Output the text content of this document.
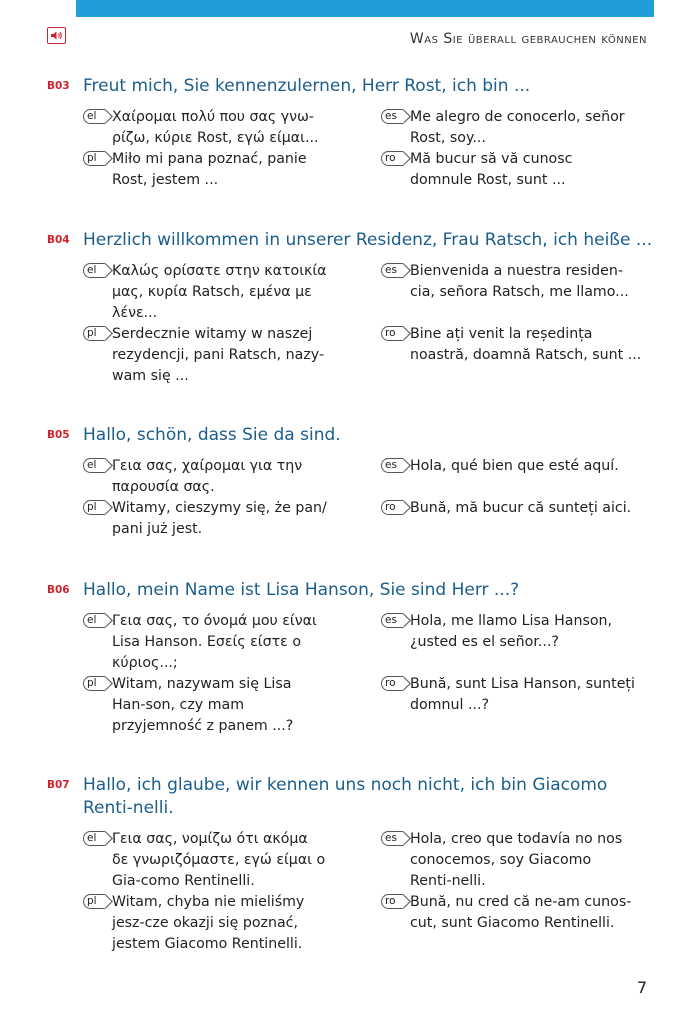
Was Sie überall gebrauchen können
B03 Freut mich, Sie kennenzulernen, Herr Rost, ich bin ...
el	Χαίρομαι πολύ που σας γνω-ρίζω, κύριε Rost, εγώ είμαι...
es Me alegro de conocerlo, señor Rost, soy...
pl	Miło mi pana poznać, panie Rost, jestem ...
ro	Mă bucur să vă cunosc domnule Rost, sunt ...
B04 Herzlich willkommen in unserer Residenz, Frau Ratsch, ich heiße ...
el	Καλώς ορίσατε στην κατοικία μας, κυρία Ratsch, εμένα με λένε...
es Bienvenida a nuestra residen-cia, señora Ratsch, me llamo...
pl	Serdecznie witamy w naszej rezydencji, pani Ratsch, nazy-wam się ...
ro	Bine ați venit la reședința noastră, doamnă Ratsch, sunt ...
B05 Hallo, schön, dass Sie da sind.
el	Γεια σας, χαίρομαι για την παρουσία σας.
es Hola, qué bien que esté aquí.
pl	Witamy, cieszymy się, że pan/ pani już jest.
ro	Bună, mă bucur că sunteți aici.
B06 Hallo, mein Name ist Lisa Hanson, Sie sind Herr ...?
el	Γεια σας, το όνομά μου είναι Lisa Hanson. Εσείς είστε ο κύριος...;
es Hola, me llamo Lisa Hanson, ¿usted es el señor...?
pl	Witam, nazywam się Lisa Han-son, czy mam przyjemność z panem ...?
ro	Bună, sunt Lisa Hanson, sunteți domnul ...?
B07 Hallo, ich glaube, wir kennen uns noch nicht, ich bin Giacomo Renti-nelli.
el	Γεια σας, νομίζω ότι ακόμα δε γνωριζόμαστε, εγώ είμαι ο Gia-como Rentinelli.
es Hola, creo que todavía no nos conocemos, soy Giacomo Renti-nelli.
pl	Witam, chyba nie mieliśmy jesz-cze okazji się poznać, jestem Giacomo Rentinelli.
ro	Bună, nu cred că ne-am cunos-cut, sunt Giacomo Rentinelli.
7
